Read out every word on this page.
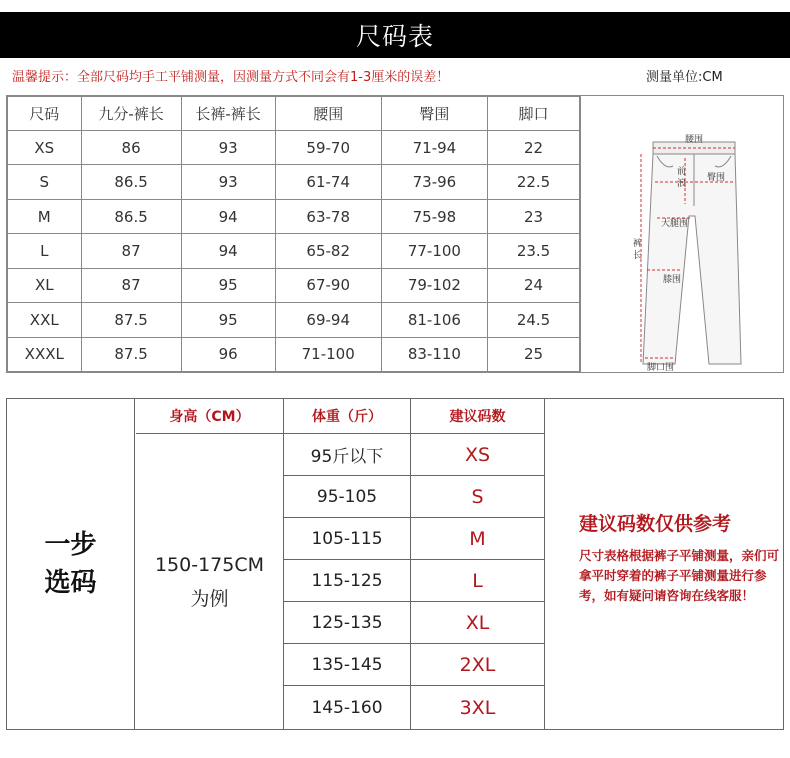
尺码表
温馨提示：全部尺码均手工平铺测量，因测量方式不同会有1-3厘米的误差！	测量单位:CM
尺码	九分-裤长	长裤-裤长	腰围	臀围	脚口
XS	86	93	59-70	71-94	22
S	86.5	93	61-74	73-96	22.5
M	86.5	94	63-78	75-98	23
L	87	94	65-82	77-100	23.5
XL	87	95	67-90	79-102	24
XXL	87.5	95	69-94	81-106	24.5
XXXL	87.5	96	71-100	83-110	25
腰围
前
浪
臀围
大腿围
裤
长
膝围
脚口围
一步
选码
身高（CM）	体重（斤）	建议码数
150-175CM
为例
95斤以下	XS
95-105	S
105-115	M
115-125	L
125-135	XL
135-145	2XL
145-160	3XL
建议码数仅供参考
尺寸表格根据裤子平铺测量，亲们可拿平时穿着的裤子平铺测量进行参考，如有疑问请咨询在线客服！
